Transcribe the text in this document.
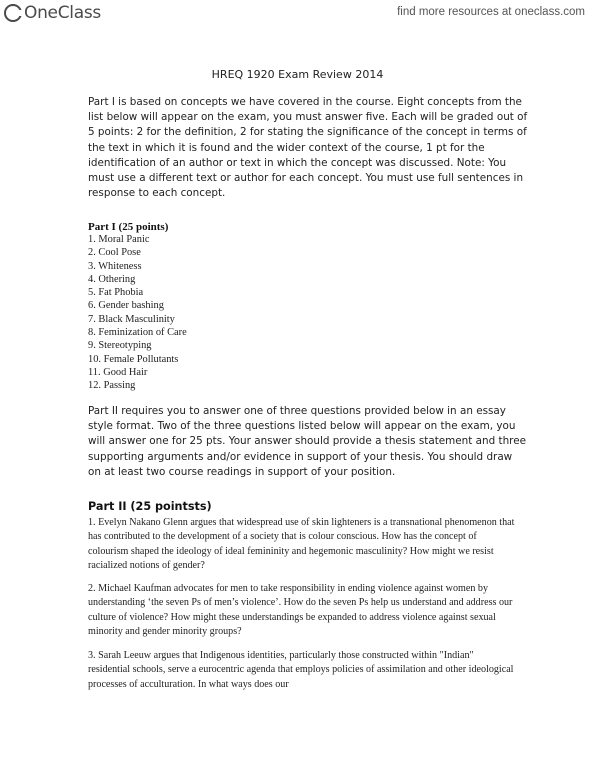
OneClass	find more resources at oneclass.com
HREQ 1920 Exam Review 2014

Part I is based on concepts we have covered in the course. Eight concepts from the list below will appear on the exam, you must answer five. Each will be graded out of 5 points: 2 for the definition, 2 for stating the significance of the concept in terms of the text in which it is found and the wider context of the course, 1 pt for the identification of an author or text in which the concept was discussed. Note: You must use a different text or author for each concept. You must use full sentences in response to each concept.

Part I (25 points)
1. Moral Panic
2. Cool Pose
3. Whiteness
4. Othering
5. Fat Phobia
6. Gender bashing
7. Black Masculinity
8. Feminization of Care
9. Stereotyping
10. Female Pollutants
11. Good Hair
12. Passing

Part II requires you to answer one of three questions provided below in an essay style format. Two of the three questions listed below will appear on the exam, you will answer one for 25 pts. Your answer should provide a thesis statement and three supporting arguments and/or evidence in support of your thesis. You should draw on at least two course readings in support of your position.

Part II (25 pointsts)

1. Evelyn Nakano Glenn argues that widespread use of skin lighteners is a transnational phenomenon that has contributed to the development of a society that is colour conscious. How has the concept of colourism shaped the ideology of ideal femininity and hegemonic masculinity? How might we resist racialized notions of gender?

2. Michael Kaufman advocates for men to take responsibility in ending violence against women by understanding ‘the seven Ps of men’s violence’. How do the seven Ps help us understand and address our culture of violence? How might these understandings be expanded to address violence against sexual minority and gender minority groups?

3. Sarah Leeuw argues that Indigenous identities, particularly those constructed within "Indian" residential schools, serve a eurocentric agenda that employs policies of assimilation and other ideological processes of acculturation. In what ways does our
